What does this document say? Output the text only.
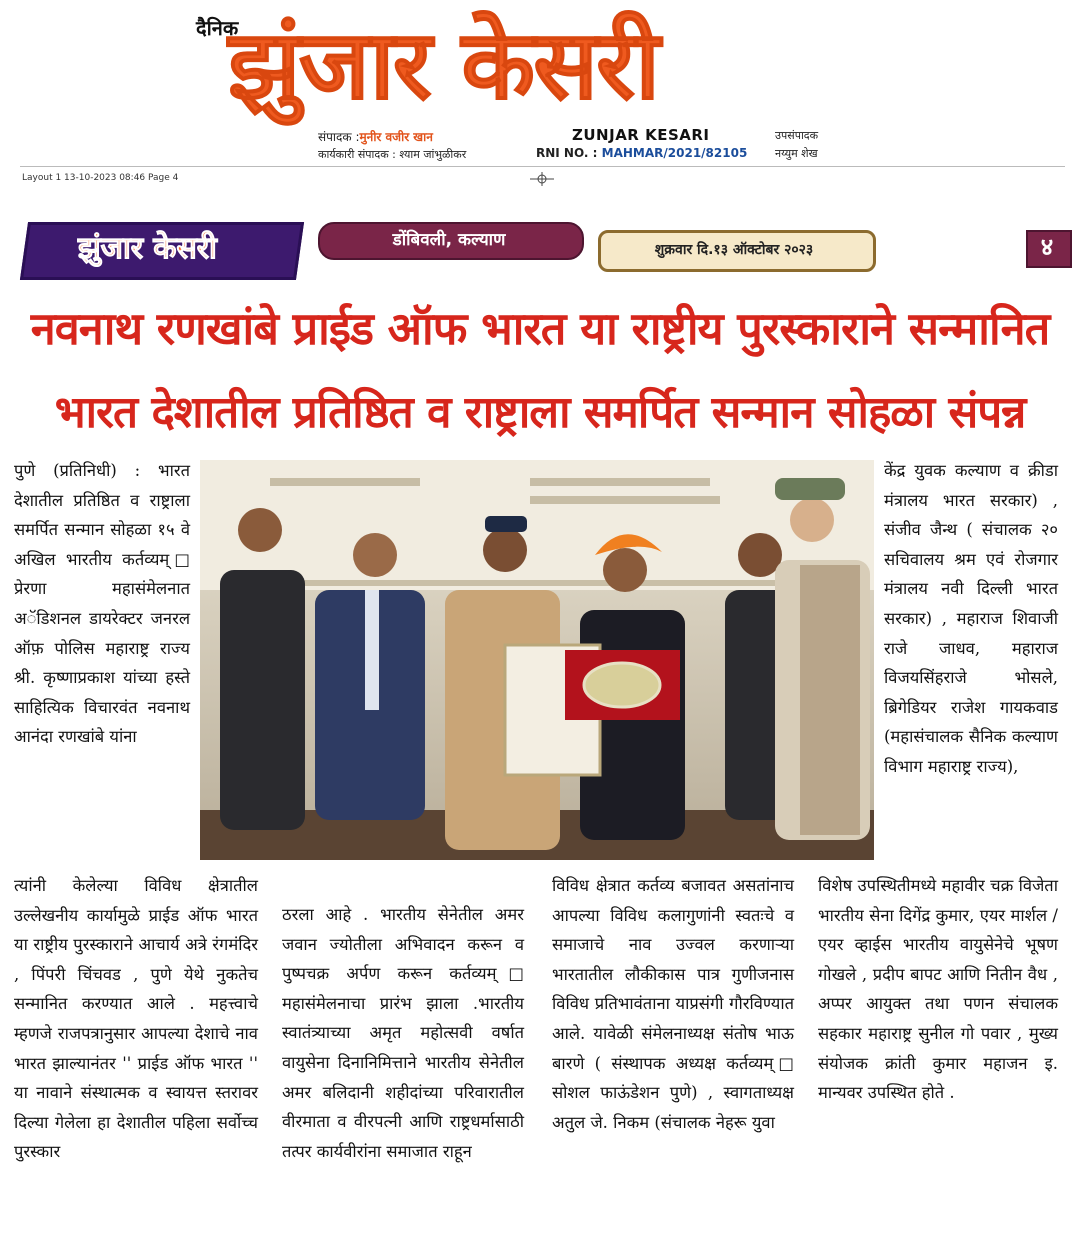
दैनिक
झुंजार केसरी
संपादक :मुनीर वजीर खान
कार्यकारी संपादक : श्याम जांभुळीकर
ZUNJAR KESARI
RNI NO. : MAHMAR/2021/82105
उपसंपादक
नय्युम शेख
Layout 1 13-10-2023 08:46 Page 4
झुंजार केसरी	डोंबिवली, कल्याण	शुक्रवार दि.१३ ऑक्टोबर २०२३	४
नवनाथ रणखांबे प्राईड ऑफ भारत या राष्ट्रीय पुरस्काराने सन्मानित
भारत देशातील प्रतिष्ठित व राष्ट्राला समर्पित सन्मान सोहळा संपन्न
पुणे (प्रतिनिधी) : भारत देशातील प्रतिष्ठित व राष्ट्राला समर्पित सन्मान सोहळा १५ वे अखिल भारतीय कर्तव्यम्□ प्रेरणा महासंमेलनात अॅडिशनल डायरेक्टर जनरल ऑफ़ पोलिस महाराष्ट्र राज्य श्री. कृष्णाप्रकाश यांच्या हस्ते साहित्यिक विचारवंत नवनाथ आनंदा रणखांबे यांना
त्यांनी केलेल्या विविध क्षेत्रातील उल्लेखनीय कार्यामुळे प्राईड ऑफ भारत या राष्ट्रीय पुरस्काराने आचार्य अत्रे रंगमंदिर , पिंपरी चिंचवड , पुणे येथे नुकतेच सन्मानित करण्यात आले . महत्त्वाचे म्हणजे राजपत्रानुसार आपल्या देशाचे नाव भारत झाल्यानंतर '' प्राईड ऑफ भारत '' या नावाने संस्थात्मक व स्वायत्त स्तरावर दिल्या गेलेला हा देशातील पहिला सर्वोच्च पुरस्कार
ठरला आहे . भारतीय सेनेतील अमर जवान ज्योतीला अभिवादन करून व पुष्पचक्र अर्पण करून कर्तव्यम्□ महासंमेलनाचा प्रारंभ झाला .भारतीय स्वातंत्र्याच्या अमृत महोत्सवी वर्षात वायुसेना दिनानिमित्ताने भारतीय सेनेतील अमर बलिदानी शहीदांच्या परिवारातील वीरमाता व वीरपत्नी आणि राष्ट्रधर्मासाठी तत्पर कार्यवीरांना समाजात राहून
विविध क्षेत्रात कर्तव्य बजावत असतांनाच आपल्या विविध कलागुणांनी स्वतःचे व समाजाचे नाव उज्वल करणाऱ्या भारतातील लौकीकास पात्र गुणीजनास विविध प्रतिभावंताना याप्रसंगी गौरविण्यात आले. यावेळी संमेलनाध्यक्ष संतोष भाऊ बारणे ( संस्थापक अध्यक्ष कर्तव्यम्□ सोशल फाऊंडेशन पुणे) , स्वागताध्यक्ष अतुल जे. निकम (संचालक नेहरू युवा
केंद्र युवक कल्याण व क्रीडा मंत्रालय भारत सरकार) , संजीव जैन्थ ( संचालक २० सचिवालय श्रम एवं रोजगार मंत्रालय नवी दिल्ली भारत सरकार) , महाराज शिवाजी राजे जाधव, महाराज विजयसिंहराजे भोसले, ब्रिगेडियर राजेश गायकवाड (महासंचालक सैनिक कल्याण विभाग महाराष्ट्र राज्य),
विशेष उपस्थितीमध्ये महावीर चक्र विजेता भारतीय सेना दिगेंद्र कुमार, एयर मार्शल / एयर व्हाईस भारतीय वायुसेनेचे भूषण गोखले , प्रदीप बापट आणि नितीन वैध , अप्पर आयुक्त तथा पणन संचालक सहकार महाराष्ट्र सुनील गो पवार , मुख्य संयोजक क्रांती कुमार महाजन इ. मान्यवर उपस्थित होते .
